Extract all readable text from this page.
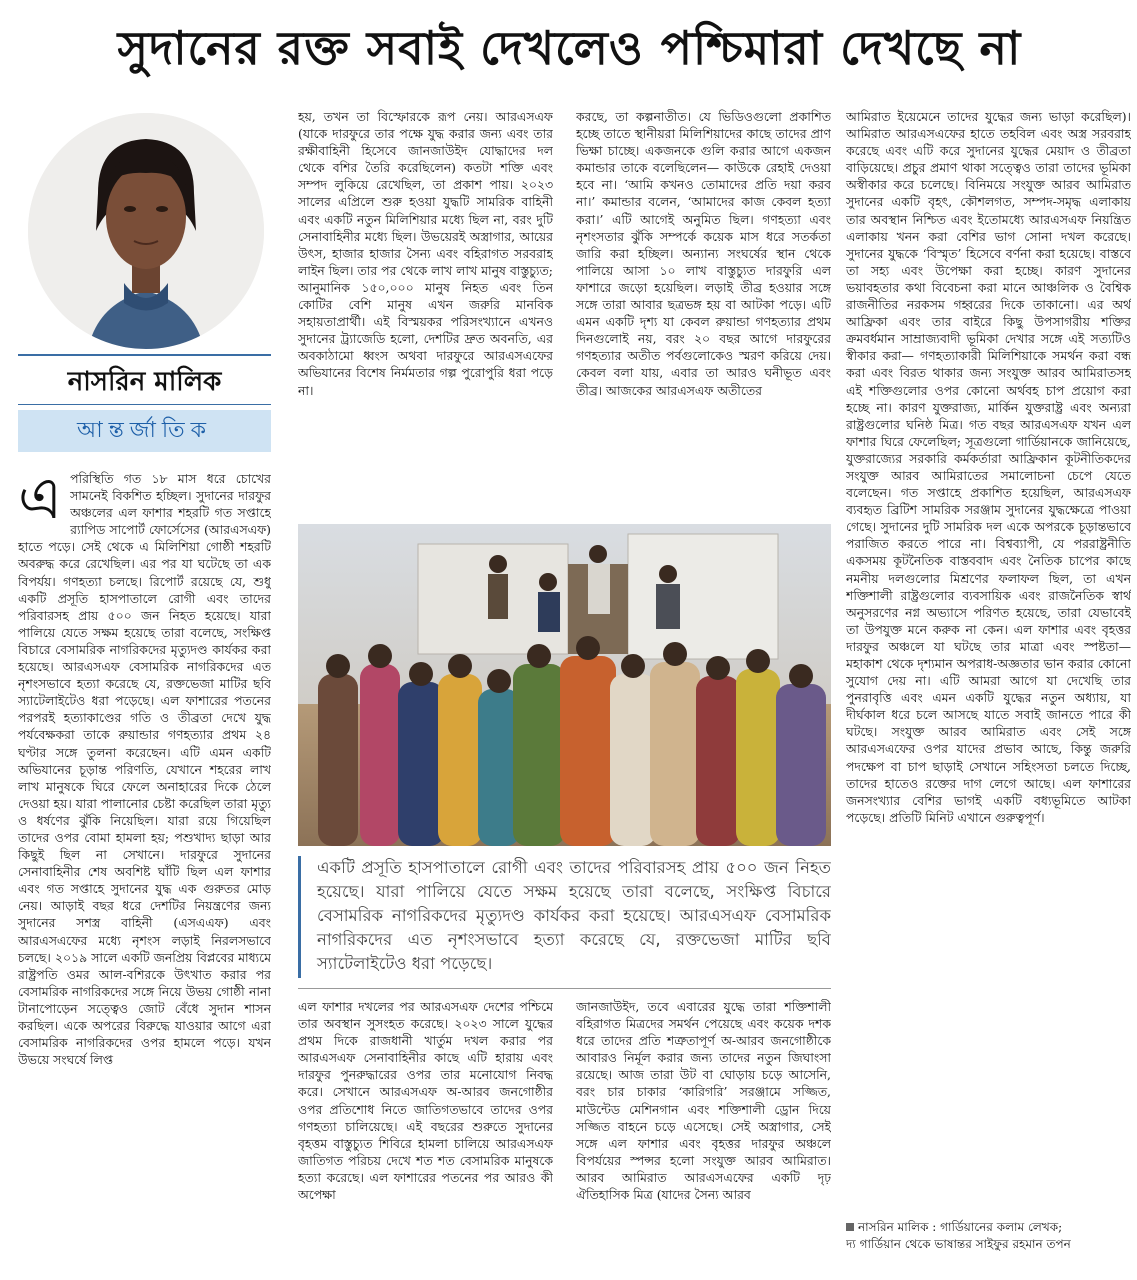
সুদানের রক্ত সবাই দেখলেও পশ্চিমারা দেখছে না
নাসরিন মালিক
আন্তর্জাতিক
এ পরিস্থিতি গত ১৮ মাস ধরে চোখের সামনেই বিকশিত হচ্ছিল। সুদানের দারফুর অঞ্চলের এল ফাশার শহরটি গত সপ্তাহে র‍্যাপিড সাপোর্ট ফোর্সেসের (আরএসএফ) হাতে পড়ে। সেই থেকে এ মিলিশিয়া গোষ্ঠী শহরটি অবরুদ্ধ করে রেখেছিল। এর পর যা ঘটেছে তা এক বিপর্যয়। গণহত্যা চলছে। রিপোর্ট রয়েছে যে, শুধু একটি প্রসূতি হাসপাতালে রোগী এবং তাদের পরিবারসহ প্রায় ৫০০ জন নিহত হয়েছে। যারা পালিয়ে যেতে সক্ষম হয়েছে তারা বলেছে, সংক্ষিপ্ত বিচারে বেসামরিক নাগরিকদের মৃত্যুদণ্ড কার্যকর করা হয়েছে। আরএসএফ বেসামরিক নাগরিকদের এত নৃশংসভাবে হত্যা করেছে যে, রক্তভেজা মাটির ছবি স্যাটেলাইটেও ধরা পড়েছে। এল ফাশারের পতনের পরপরই হত্যাকাণ্ডের গতি ও তীব্রতা দেখে যুদ্ধ পর্যবেক্ষকরা তাকে রুয়ান্ডার গণহত্যার প্রথম ২৪ ঘণ্টার সঙ্গে তুলনা করেছেন। এটি এমন একটি অভিযানের চূড়ান্ত পরিণতি, যেখানে শহরের লাখ লাখ মানুষকে ঘিরে ফেলে অনাহারের দিকে ঠেলে দেওয়া হয়। যারা পালানোর চেষ্টা করেছিল তারা মৃত্যু ও ধর্ষণের ঝুঁকি নিয়েছিল। যারা রয়ে গিয়েছিল তাদের ওপর বোমা হামলা হয়; পশুখাদ্য ছাড়া আর কিছুই ছিল না সেখানে। দারফুরে সুদানের সেনাবাহিনীর শেষ অবশিষ্ট ঘাঁটি ছিল এল ফাশার এবং গত সপ্তাহে সুদানের যুদ্ধ এক গুরুতর মোড় নেয়। আড়াই বছর ধরে দেশটির নিয়ন্ত্রণের জন্য সুদানের সশস্ত্র বাহিনী (এসএএফ) এবং আরএসএফের মধ্যে নৃশংস লড়াই নিরলসভাবে চলছে। ২০১৯ সালে একটি জনপ্রিয় বিপ্লবের মাধ্যমে রাষ্ট্রপতি ওমর আল-বশিরকে উৎখাত করার পর বেসামরিক নাগরিকদের সঙ্গে নিয়ে উভয় গোষ্ঠী নানা টানাপোড়েন সত্ত্বেও জোট বেঁধে সুদান শাসন করছিল। একে অপরের বিরুদ্ধে যাওয়ার আগে এরা বেসামরিক নাগরিকদের ওপর হামলে পড়ে। যখন উভয়ে সংঘর্ষে লিপ্ত

হয়, তখন তা বিস্ফোরকে রূপ নেয়। আরএসএফ (যাকে দারফুরে তার পক্ষে যুদ্ধ করার জন্য এবং তার রক্ষীবাহিনী হিসেবে জানজাউইদ যোদ্ধাদের দল থেকে বশির তৈরি করেছিলেন) কতটা শক্তি এবং সম্পদ লুকিয়ে রেখেছিল, তা প্রকাশ পায়। ২০২৩ সালের এপ্রিলে শুরু হওয়া যুদ্ধটি সামরিক বাহিনী এবং একটি নতুন মিলিশিয়ার মধ্যে ছিল না, বরং দুটি সেনাবাহিনীর মধ্যে ছিল। উভয়েরই অস্ত্রাগার, আয়ের উৎস, হাজার হাজার সৈন্য এবং বহিরাগত সরবরাহ লাইন ছিল। তার পর থেকে লাখ লাখ মানুষ বাস্তুচ্যুত; আনুমানিক ১৫০,০০০ মানুষ নিহত এবং তিন কোটির বেশি মানুষ এখন জরুরি মানবিক সহায়তাপ্রার্থী। এই বিস্ময়কর পরিসংখ্যানে এখনও সুদানের ট্র্যাজেডি হলো, দেশটির দ্রুত অবনতি, এর অবকাঠামো ধ্বংস অথবা দারফুরে আরএসএফের অভিযানের বিশেষ নির্মমতার গল্প পুরোপুরি ধরা পড়ে না।

করছে, তা কল্পনাতীত। যে ভিডিওগুলো প্রকাশিত হচ্ছে তাতে স্থানীয়রা মিলিশিয়াদের কাছে তাদের প্রাণ ভিক্ষা চাচ্ছে। একজনকে গুলি করার আগে একজন কমান্ডার তাকে বলেছিলেন— কাউকে রেহাই দেওয়া হবে না। ‘আমি কখনও তোমাদের প্রতি দয়া করব না।’ কমান্ডার বলেন, ‘আমাদের কাজ কেবল হত্যা করা।’ এটি আগেই অনুমিত ছিল। গণহত্যা এবং নৃশংসতার ঝুঁকি সম্পর্কে কয়েক মাস ধরে সতর্কতা জারি করা হচ্ছিল। অন্যান্য সংঘর্ষের স্থান থেকে পালিয়ে আসা ১০ লাখ বাস্তুচ্যুত দারফুরি এল ফাশারে জড়ো হয়েছিল। লড়াই তীব্র হওয়ার সঙ্গে সঙ্গে তারা আবার ছত্রভঙ্গ হয় বা আটকা পড়ে। এটি এমন একটি দৃশ্য যা কেবল রুয়ান্ডা গণহত্যার প্রথম দিনগুলোই নয়, বরং ২০ বছর আগে দারফুরের গণহত্যার অতীত পর্বগুলোকেও স্মরণ করিয়ে দেয়। কেবল বলা যায়, এবার তা আরও ঘনীভূত এবং তীব্র। আজকের আরএসএফ অতীতের

আমিরাত ইয়েমেনে তাদের যুদ্ধের জন্য ভাড়া করেছিল)। আমিরাত আরএসএফের হাতে তহবিল এবং অস্ত্র সরবরাহ করেছে এবং এটি করে সুদানের যুদ্ধের মেয়াদ ও তীব্রতা বাড়িয়েছে। প্রচুর প্রমাণ থাকা সত্ত্বেও তারা তাদের ভূমিকা অস্বীকার করে চলেছে। বিনিময়ে সংযুক্ত আরব আমিরাত সুদানের একটি বৃহৎ, কৌশলগত, সম্পদ-সমৃদ্ধ এলাকায় তার অবস্থান নিশ্চিত এবং ইতোমধ্যে আরএসএফ নিয়ন্ত্রিত এলাকায় খনন করা বেশির ভাগ সোনা দখল করেছে। সুদানের যুদ্ধকে ‘বিস্মৃত’ হিসেবে বর্ণনা করা হয়েছে। বাস্তবে তা সহ্য এবং উপেক্ষা করা হচ্ছে। কারণ সুদানের ভয়াবহতার কথা বিবেচনা করা মানে আঞ্চলিক ও বৈশ্বিক রাজনীতির নরকসম গহ্বরের দিকে তাকানো। এর অর্থ আফ্রিকা এবং তার বাইরে কিছু উপসাগরীয় শক্তির ক্রমবর্ধমান সাম্রাজ্যবাদী ভূমিকা দেখার সঙ্গে এই সত্যটিও স্বীকার করা— গণহত্যাকারী মিলিশিয়াকে সমর্থন করা বন্ধ করা এবং বিরত থাকার জন্য সংযুক্ত আরব আমিরাতসহ এই শক্তিগুলোর ওপর কোনো অর্থবহ চাপ প্রয়োগ করা হচ্ছে না। কারণ যুক্তরাজ্য, মার্কিন যুক্তরাষ্ট্র এবং অন্যরা রাষ্ট্রগুলোর ঘনিষ্ঠ মিত্র। গত বছর আরএসএফ যখন এল ফাশার ঘিরে ফেলেছিল; সূত্রগুলো গার্ডিয়ানকে জানিয়েছে, যুক্তরাজ্যের সরকারি কর্মকর্তারা আফ্রিকান কূটনীতিকদের সংযুক্ত আরব আমিরাতের সমালোচনা চেপে যেতে বলেছেন। গত সপ্তাহে প্রকাশিত হয়েছিল, আরএসএফ ব্যবহৃত ব্রিটিশ সামরিক সরঞ্জাম সুদানের যুদ্ধক্ষেত্রে পাওয়া গেছে। সুদানের দুটি সামরিক দল একে অপরকে চূড়ান্তভাবে পরাজিত করতে পারে না। বিশ্বব্যাপী, যে পররাষ্ট্রনীতি একসময় কূটনৈতিক বাস্তববাদ এবং নৈতিক চাপের কাছে নমনীয় দলগুলোর মিশ্রণের ফলাফল ছিল, তা এখন শক্তিশালী রাষ্ট্রগুলোর ব্যবসায়িক এবং রাজনৈতিক স্বার্থ অনুসরণের নগ্ন অভ্যাসে পরিণত হয়েছে, তারা যেভাবেই তা উপযুক্ত মনে করুক না কেন। এল ফাশার এবং বৃহত্তর দারফুর অঞ্চলে যা ঘটছে তার মাত্রা এবং স্পষ্টতা— মহাকাশ থেকে দৃশ্যমান অপরাধ-অজ্ঞতার ভান করার কোনো সুযোগ দেয় না। এটি আমরা আগে যা দেখেছি তার পুনরাবৃত্তি এবং এমন একটি যুদ্ধের নতুন অধ্যায়, যা দীর্ঘকাল ধরে চলে আসছে যাতে সবাই জানতে পারে কী ঘটছে। সংযুক্ত আরব আমিরাত এবং সেই সঙ্গে আরএসএফের ওপর যাদের প্রভাব আছে, কিন্তু জরুরি পদক্ষেপ বা চাপ ছাড়াই সেখানে সহিংসতা চলতে দিচ্ছে, তাদের হাতেও রক্তের দাগ লেগে আছে। এল ফাশারের জনসংখ্যার বেশির ভাগই একটি বধ্যভূমিতে আটকা পড়েছে। প্রতিটি মিনিট এখানে গুরুত্বপূর্ণ।

একটি প্রসূতি হাসপাতালে রোগী এবং তাদের পরিবারসহ প্রায় ৫০০ জন নিহত হয়েছে। যারা পালিয়ে যেতে সক্ষম হয়েছে তারা বলেছে, সংক্ষিপ্ত বিচারে বেসামরিক নাগরিকদের মৃত্যুদণ্ড কার্যকর করা হয়েছে। আরএসএফ বেসামরিক নাগরিকদের এত নৃশংসভাবে হত্যা করেছে যে, রক্তভেজা মাটির ছবি স্যাটেলাইটেও ধরা পড়েছে।

এল ফাশার দখলের পর আরএসএফ দেশের পশ্চিমে তার অবস্থান সুসংহত করেছে। ২০২৩ সালে যুদ্ধের প্রথম দিকে রাজধানী খার্তুম দখল করার পর আরএসএফ সেনাবাহিনীর কাছে এটি হারায় এবং দারফুর পুনরুদ্ধারের ওপর তার মনোযোগ নিবদ্ধ করে। সেখানে আরএসএফ অ-আরব জনগোষ্ঠীর ওপর প্রতিশোধ নিতে জাতিগতভাবে তাদের ওপর গণহত্যা চালিয়েছে। এই বছরের শুরুতে সুদানের বৃহত্তম বাস্তুচ্যুত শিবিরে হামলা চালিয়ে আরএসএফ জাতিগত পরিচয় দেখে শত শত বেসামরিক মানুষকে হত্যা করেছে। এল ফাশারের পতনের পর আরও কী অপেক্ষা

জানজাউইদ, তবে এবারের যুদ্ধে তারা শক্তিশালী বহিরাগত মিত্রদের সমর্থন পেয়েছে এবং কয়েক দশক ধরে তাদের প্রতি শত্রুতাপূর্ণ অ-আরব জনগোষ্ঠীকে আবারও নির্মূল করার জন্য তাদের নতুন জিঘাংসা রয়েছে। আজ তারা উট বা ঘোড়ায় চড়ে আসেনি, বরং চার চাকার ‘কারিগরি’ সরঞ্জামে সজ্জিত, মাউন্টেড মেশিনগান এবং শক্তিশালী ড্রোন দিয়ে সজ্জিত বাহনে চড়ে এসেছে। সেই অস্ত্রাগার, সেই সঙ্গে এল ফাশার এবং বৃহত্তর দারফুর অঞ্চলে বিপর্যয়ের স্পন্সর হলো সংযুক্ত আরব আমিরাত। আরব আমিরাত আরএসএফের একটি দৃঢ় ঐতিহাসিক মিত্র (যাদের সৈন্য আরব

নাসরিন মালিক : গার্ডিয়ানের কলাম লেখক;
দ্য গার্ডিয়ান থেকে ভাষান্তর সাইফুর রহমান তপন
